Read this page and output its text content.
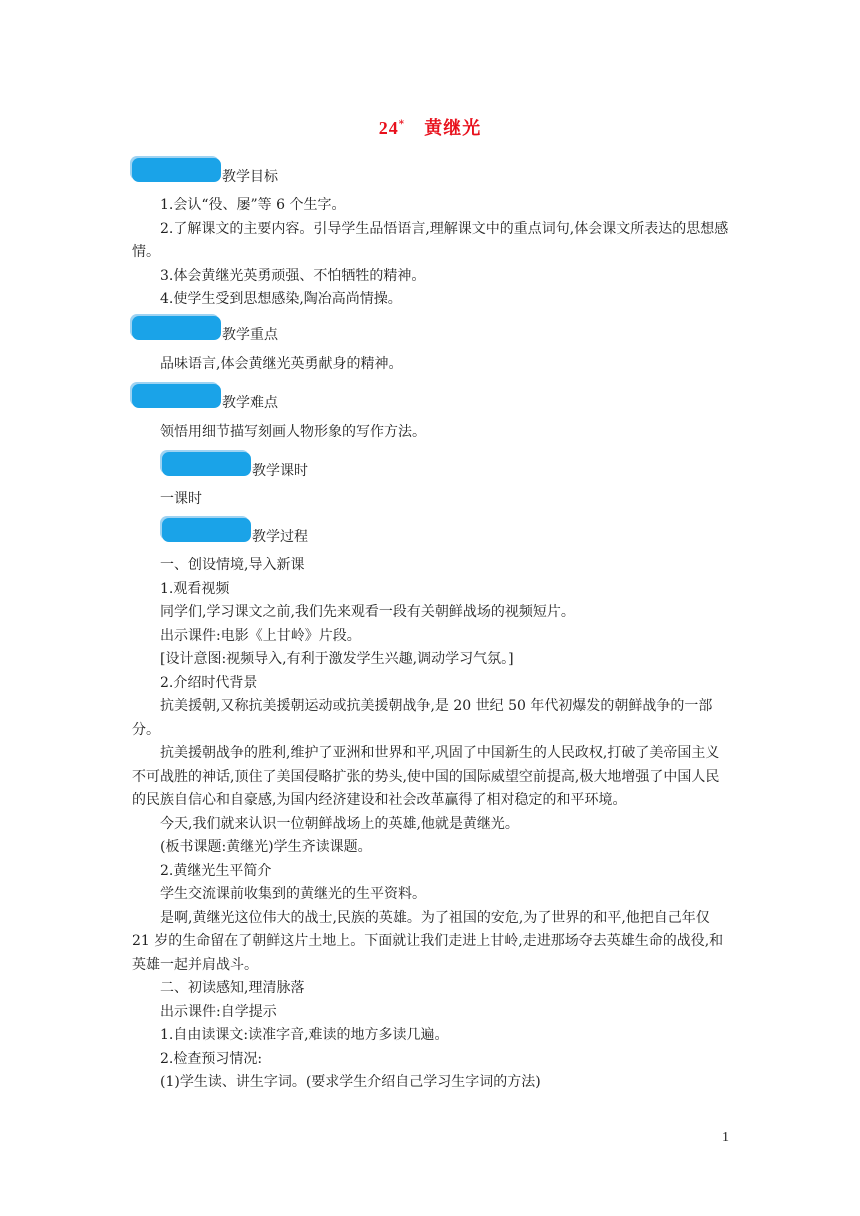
24* 黄继光
教学目标

1.会认“役、屡”等 6 个生字。

2.了解课文的主要内容。引导学生品悟语言,理解课文中的重点词句,体会课文所表达的思想感情。

3.体会黄继光英勇顽强、不怕牺牲的精神。

4.使学生受到思想感染,陶冶高尚情操。

教学重点

品味语言,体会黄继光英勇献身的精神。

教学难点

领悟用细节描写刻画人物形象的写作方法。

教学课时

一课时

教学过程

一、创设情境,导入新课

1.观看视频

同学们,学习课文之前,我们先来观看一段有关朝鲜战场的视频短片。

出示课件:电影《上甘岭》片段。

[设计意图:视频导入,有利于激发学生兴趣,调动学习气氛。]

2.介绍时代背景

抗美援朝,又称抗美援朝运动或抗美援朝战争,是 20 世纪 50 年代初爆发的朝鲜战争的一部分。

抗美援朝战争的胜利,维护了亚洲和世界和平,巩固了中国新生的人民政权,打破了美帝国主义不可战胜的神话,顶住了美国侵略扩张的势头,使中国的国际威望空前提高,极大地增强了中国人民的民族自信心和自豪感,为国内经济建设和社会改革赢得了相对稳定的和平环境。

今天,我们就来认识一位朝鲜战场上的英雄,他就是黄继光。

(板书课题:黄继光)学生齐读课题。

2.黄继光生平简介

学生交流课前收集到的黄继光的生平资料。

是啊,黄继光这位伟大的战士,民族的英雄。为了祖国的安危,为了世界的和平,他把自己年仅 21 岁的生命留在了朝鲜这片土地上。下面就让我们走进上甘岭,走进那场夺去英雄生命的战役,和英雄一起并肩战斗。

二、初读感知,理清脉落

出示课件:自学提示

1.自由读课文:读准字音,难读的地方多读几遍。

2.检查预习情况:

(1)学生读、讲生字词。(要求学生介绍自己学习生字词的方法)

1
